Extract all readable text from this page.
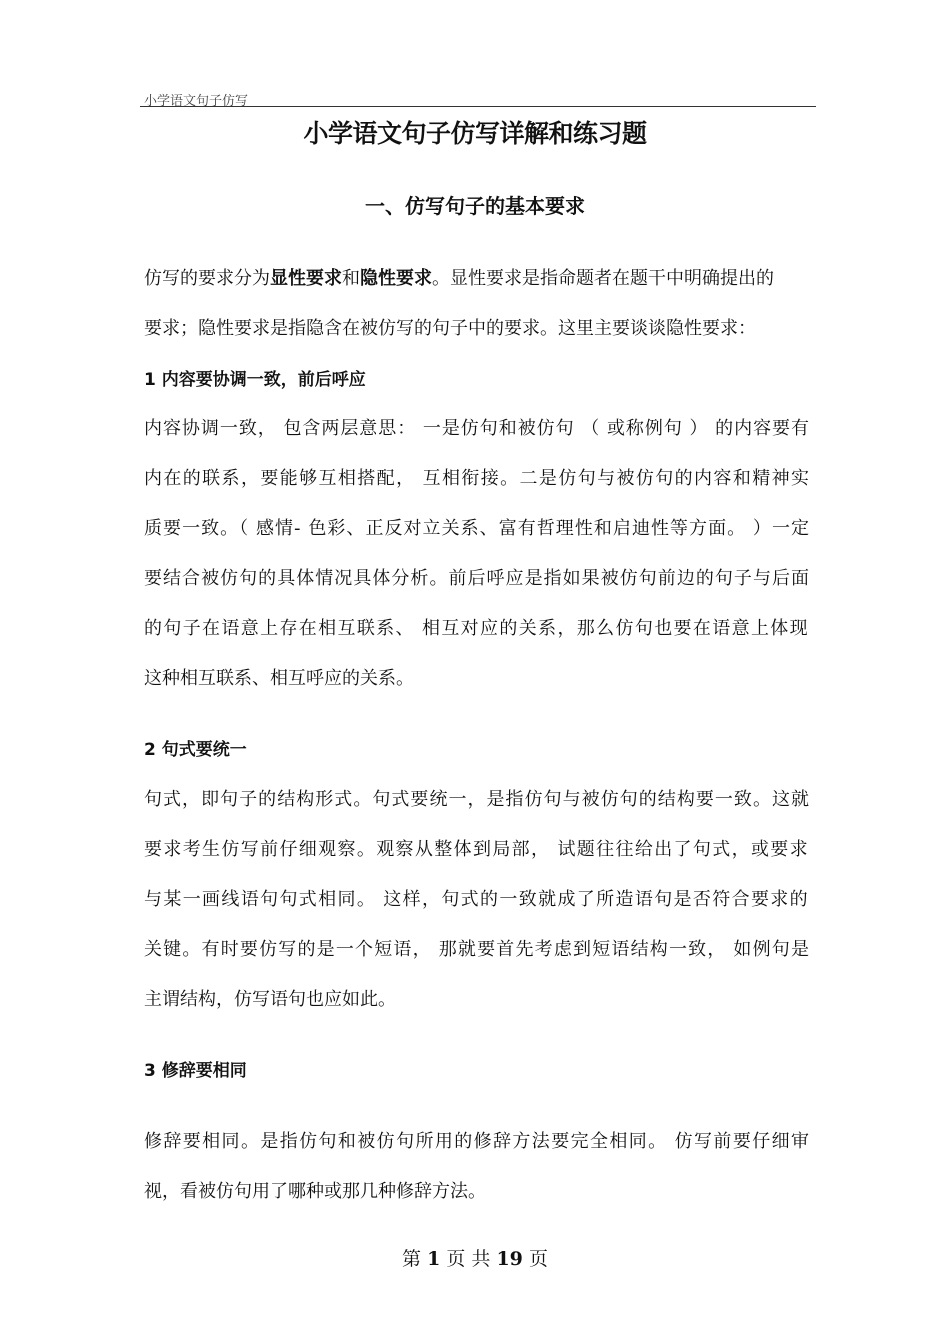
小学语文句子仿写
小学语文句子仿写详解和练习题
一、仿写句子的基本要求
仿写的要求分为 显性要求 和 隐性要求 。显性要求是指命题者在题干中明确提出的
要求；隐性要求是指隐含在被仿写的句子中的要求。这里主要谈谈隐性要求：
1 内容要协调一致，前后呼应
内容协调一致， 包含两层意思： 一是仿句和被仿句 （ 或称例句 ） 的内容要有
内在的联系，要能够互相搭配， 互相衔接。二是仿句与被仿句的内容和精神实
质要一致。（ 感情- 色彩、正反对立关系、富有哲理性和启迪性等方面。 ）一定
要结合被仿句的具体情况具体分析。前后呼应是指如果被仿句前边的句子与后面
的句子在语意上存在相互联系、 相互对应的关系，那么仿句也要在语意上体现
这种相互联系、相互呼应的关系。
2 句式要统一
句式，即句子的结构形式。句式要统一，是指仿句与被仿句的结构要一致。这就
要求考生仿写前仔细观察。观察从整体到局部， 试题往往给出了句式，或要求
与某一画线语句句式相同。 这样，句式的一致就成了所造语句是否符合要求的
关键。有时要仿写的是一个短语， 那就要首先考虑到短语结构一致， 如例句是
主谓结构，仿写语句也应如此。
3 修辞要相同
修辞要相同。是指仿句和被仿句所用的修辞方法要完全相同。 仿写前要仔细审
视，看被仿句用了哪种或那几种修辞方法。
第 1 页 共 19 页
